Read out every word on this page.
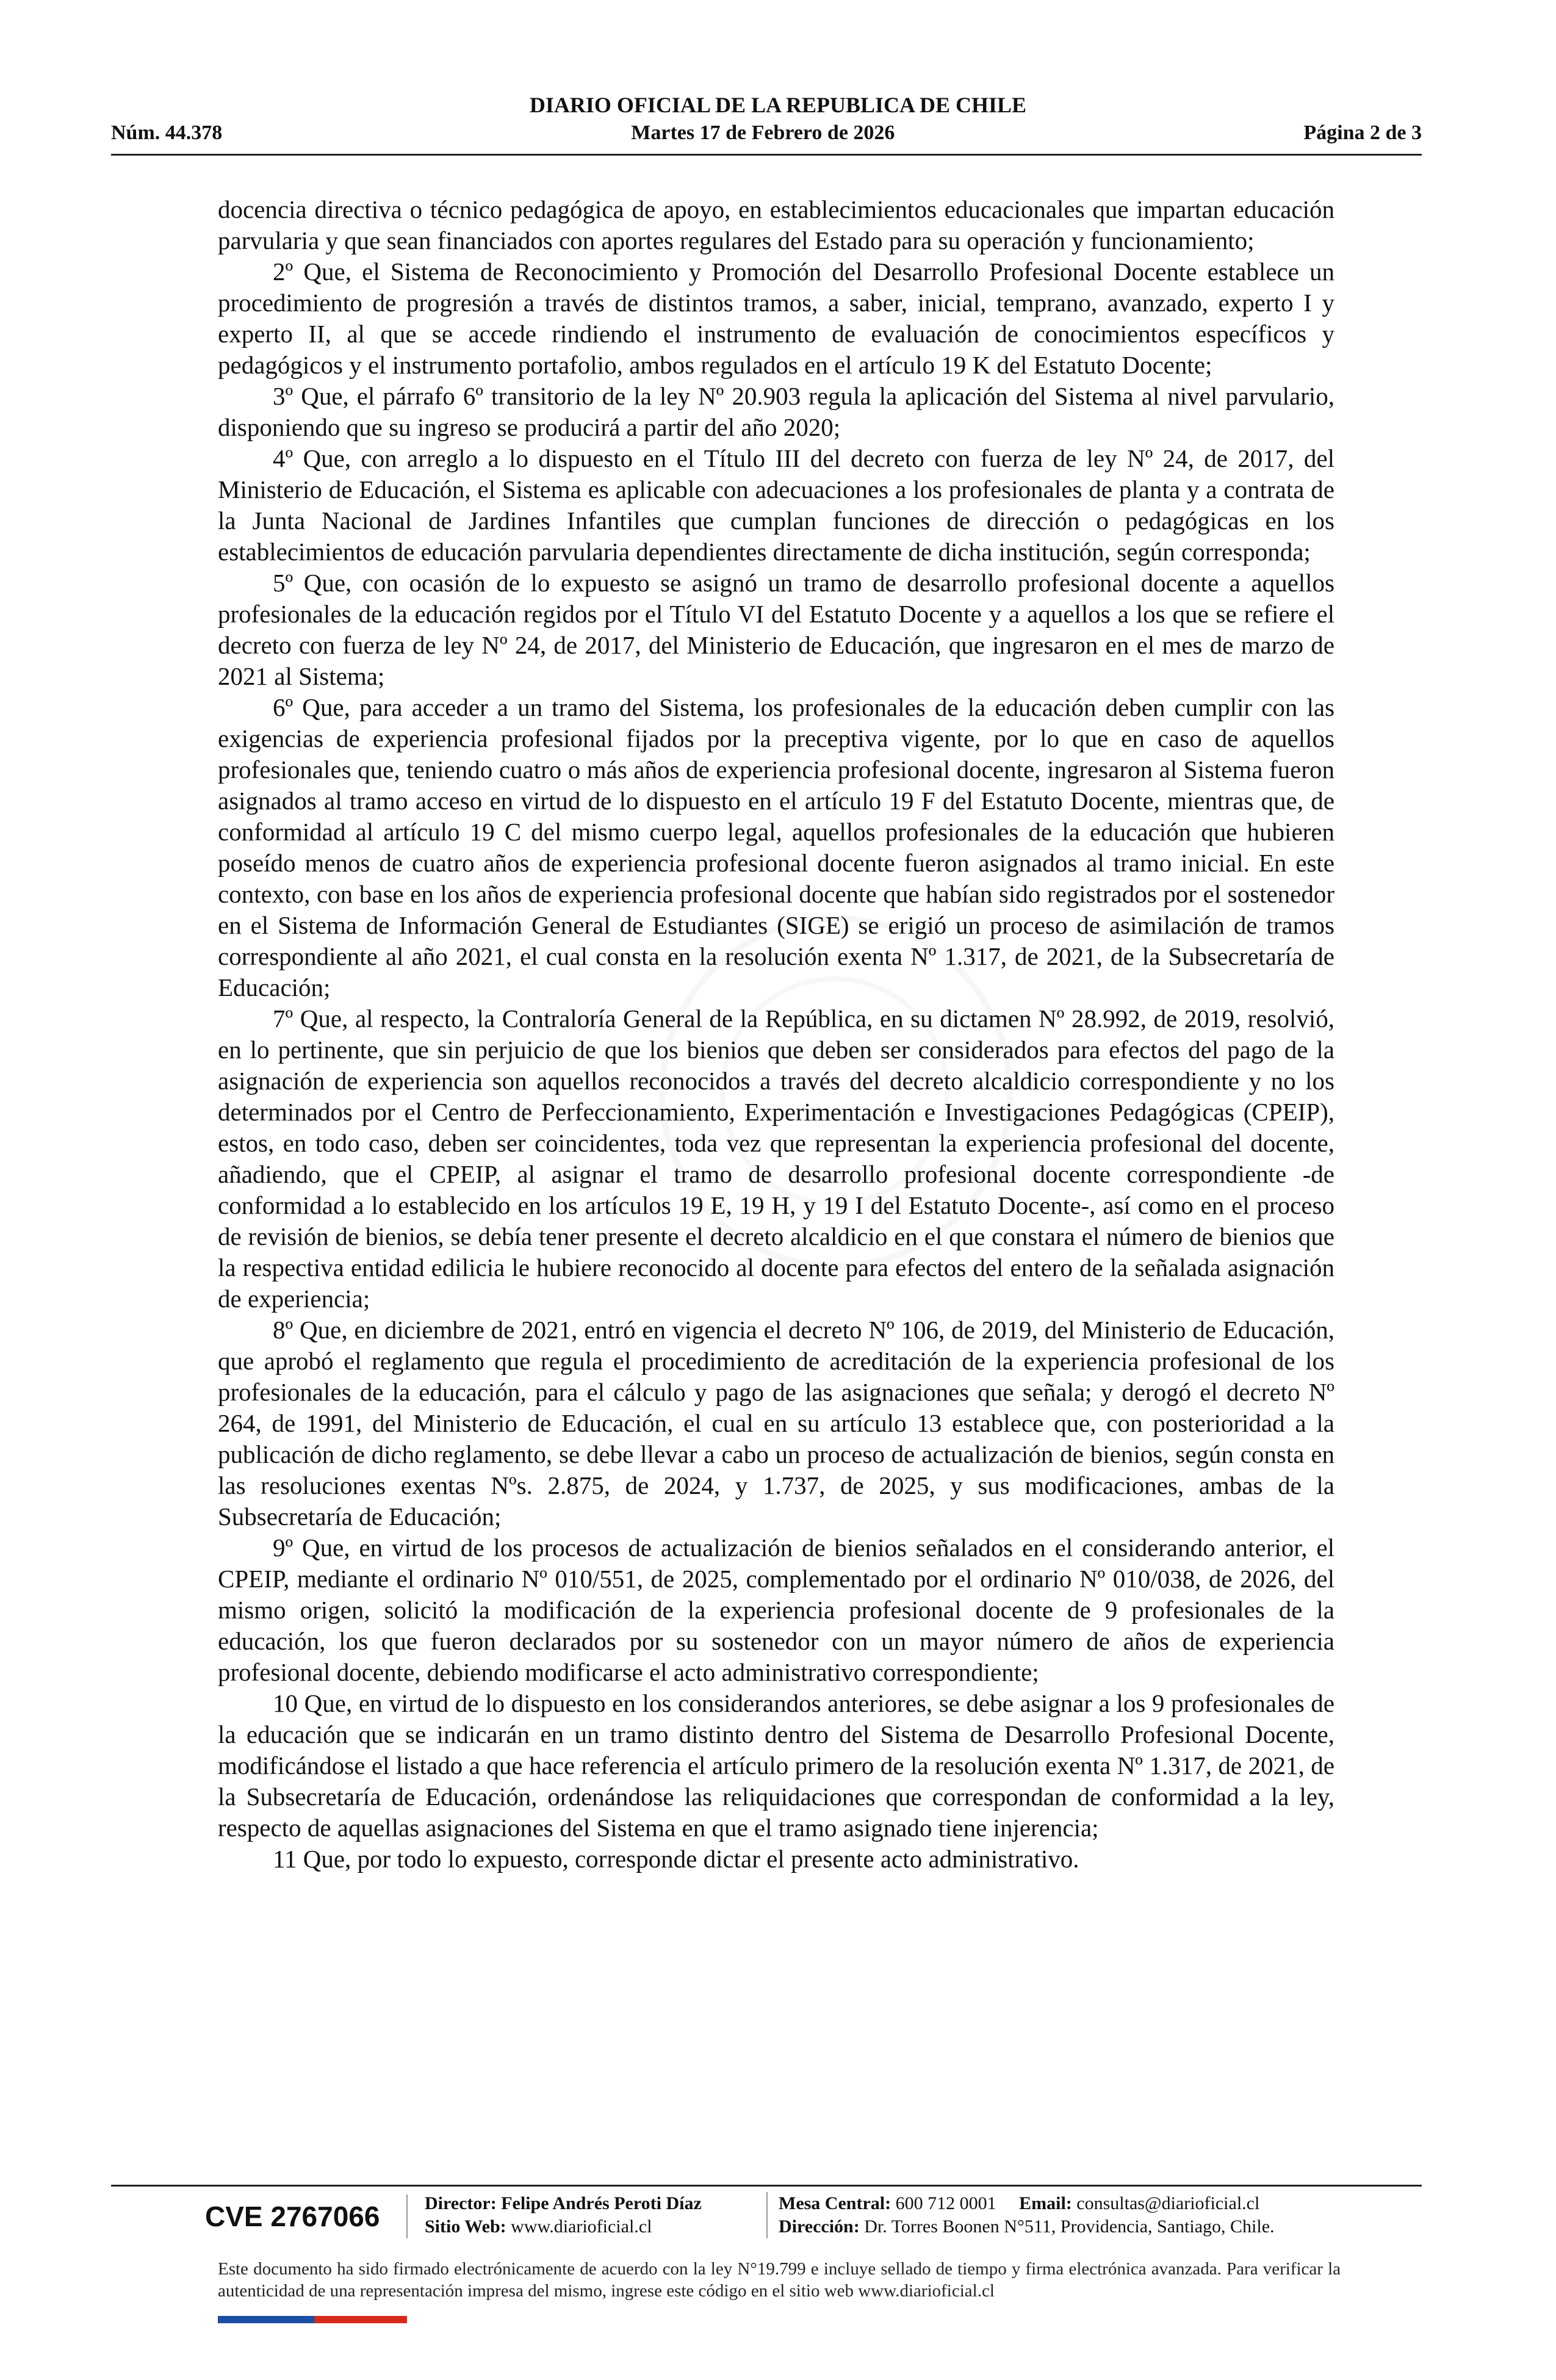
DIARIO OFICIAL DE LA REPUBLICA DE CHILE
Núm. 44.378	Martes 17 de Febrero de 2026	Página 2 de 3

docencia directiva o técnico pedagógica de apoyo, en establecimientos educacionales que impartan educación parvularia y que sean financiados con aportes regulares del Estado para su operación y funcionamiento;

2º Que, el Sistema de Reconocimiento y Promoción del Desarrollo Profesional Docente establece un procedimiento de progresión a través de distintos tramos, a saber, inicial, temprano, avanzado, experto I y experto II, al que se accede rindiendo el instrumento de evaluación de conocimientos específicos y pedagógicos y el instrumento portafolio, ambos regulados en el artículo 19 K del Estatuto Docente;

3º Que, el párrafo 6º transitorio de la ley Nº 20.903 regula la aplicación del Sistema al nivel parvulario, disponiendo que su ingreso se producirá a partir del año 2020;

4º Que, con arreglo a lo dispuesto en el Título III del decreto con fuerza de ley Nº 24, de 2017, del Ministerio de Educación, el Sistema es aplicable con adecuaciones a los profesionales de planta y a contrata de la Junta Nacional de Jardines Infantiles que cumplan funciones de dirección o pedagógicas en los establecimientos de educación parvularia dependientes directamente de dicha institución, según corresponda;

5º Que, con ocasión de lo expuesto se asignó un tramo de desarrollo profesional docente a aquellos profesionales de la educación regidos por el Título VI del Estatuto Docente y a aquellos a los que se refiere el decreto con fuerza de ley Nº 24, de 2017, del Ministerio de Educación, que ingresaron en el mes de marzo de 2021 al Sistema;

6º Que, para acceder a un tramo del Sistema, los profesionales de la educación deben cumplir con las exigencias de experiencia profesional fijados por la preceptiva vigente, por lo que en caso de aquellos profesionales que, teniendo cuatro o más años de experiencia profesional docente, ingresaron al Sistema fueron asignados al tramo acceso en virtud de lo dispuesto en el artículo 19 F del Estatuto Docente, mientras que, de conformidad al artículo 19 C del mismo cuerpo legal, aquellos profesionales de la educación que hubieren poseído menos de cuatro años de experiencia profesional docente fueron asignados al tramo inicial. En este contexto, con base en los años de experiencia profesional docente que habían sido registrados por el sostenedor en el Sistema de Información General de Estudiantes (SIGE) se erigió un proceso de asimilación de tramos correspondiente al año 2021, el cual consta en la resolución exenta Nº 1.317, de 2021, de la Subsecretaría de Educación;

7º Que, al respecto, la Contraloría General de la República, en su dictamen Nº 28.992, de 2019, resolvió, en lo pertinente, que sin perjuicio de que los bienios que deben ser considerados para efectos del pago de la asignación de experiencia son aquellos reconocidos a través del decreto alcaldicio correspondiente y no los determinados por el Centro de Perfeccionamiento, Experimentación e Investigaciones Pedagógicas (CPEIP), estos, en todo caso, deben ser coincidentes, toda vez que representan la experiencia profesional del docente, añadiendo, que el CPEIP, al asignar el tramo de desarrollo profesional docente correspondiente -de conformidad a lo establecido en los artículos 19 E, 19 H, y 19 I del Estatuto Docente-, así como en el proceso de revisión de bienios, se debía tener presente el decreto alcaldicio en el que constara el número de bienios que la respectiva entidad edilicia le hubiere reconocido al docente para efectos del entero de la señalada asignación de experiencia;

8º Que, en diciembre de 2021, entró en vigencia el decreto Nº 106, de 2019, del Ministerio de Educación, que aprobó el reglamento que regula el procedimiento de acreditación de la experiencia profesional de los profesionales de la educación, para el cálculo y pago de las asignaciones que señala; y derogó el decreto Nº 264, de 1991, del Ministerio de Educación, el cual en su artículo 13 establece que, con posterioridad a la publicación de dicho reglamento, se debe llevar a cabo un proceso de actualización de bienios, según consta en las resoluciones exentas Nºs. 2.875, de 2024, y 1.737, de 2025, y sus modificaciones, ambas de la Subsecretaría de Educación;

9º Que, en virtud de los procesos de actualización de bienios señalados en el considerando anterior, el CPEIP, mediante el ordinario Nº 010/551, de 2025, complementado por el ordinario Nº 010/038, de 2026, del mismo origen, solicitó la modificación de la experiencia profesional docente de 9 profesionales de la educación, los que fueron declarados por su sostenedor con un mayor número de años de experiencia profesional docente, debiendo modificarse el acto administrativo correspondiente;

10 Que, en virtud de lo dispuesto en los considerandos anteriores, se debe asignar a los 9 profesionales de la educación que se indicarán en un tramo distinto dentro del Sistema de Desarrollo Profesional Docente, modificándose el listado a que hace referencia el artículo primero de la resolución exenta Nº 1.317, de 2021, de la Subsecretaría de Educación, ordenándose las reliquidaciones que correspondan de conformidad a la ley, respecto de aquellas asignaciones del Sistema en que el tramo asignado tiene injerencia;

11 Que, por todo lo expuesto, corresponde dictar el presente acto administrativo.

CVE 2767066	Director: Felipe Andrés Peroti Díaz
Sitio Web: www.diarioficial.cl
Mesa Central: 600 712 0001 Email: consultas@diarioficial.cl
Dirección: Dr. Torres Boonen N°511, Providencia, Santiago, Chile.
Este documento ha sido firmado electrónicamente de acuerdo con la ley N°19.799 e incluye sellado de tiempo y firma electrónica avanzada. Para verificar la autenticidad de una representación impresa del mismo, ingrese este código en el sitio web www.diarioficial.cl
